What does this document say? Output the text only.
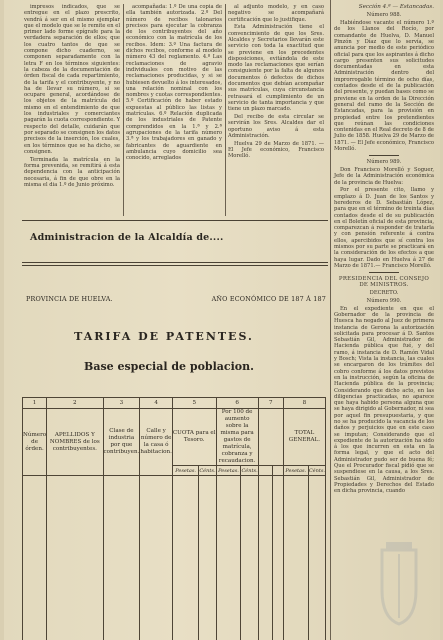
impresos indicados, que se entregue en el plazo prescrito, vendrá á ser en el mismo ejemplar que el modelo que se le remite en el primer lado forme epígrafe para la verdadera separación de ellos; que los cuatro tantos de que se compone dicho cuaderno, se componen separadamente con la letra F en los términos siguientes: la cabeza de la documentación de órden fiscal de cada repartimiento, de la tarifa y el contribuyente, y no ha de llevar su número, si se ocupare general, acordándose de los objetos de la matrícula del mismo en el entendimiento de que los industriales y comerciantes pagarán la cuota correspondiente. Y respecto del detalle, cuidarán que por separado se consignen los datos precisos de la inserción, los cuales, en los términos que se ha dicho, se consignen.

Terminada la matrícula en la forma prevenida, se remitirá á esta dependencia con la anticipación necesaria, á fin de que obre en la misma el dia 1.º de Junio próximo.

acompañada: 1.º De una copia de ella también autorizada. 2.º Del número de recibos talonarios precisos para ejecutar la cobranza de los contribuyentes del año económico con la matrícula de los recibos. Idem: 3.º Una factura de dichos recibos, conforme al modelo número 43 del reglamento. 4.º Las reclamaciones de agravio individuales con motivo de las reclamaciones producidas, y si se hubiesen devuelto á los interesados, una relación nominal con los nombres y cuotas correspondientes. 5.º Certificación de haber estado expuestas al público las listas y matrículas. 6.º Relación duplicada de los industriales de Patente comprendidos en la 1.ª y 2.ª agrupaciones de la tarifa número 3.ª y los trabajadores en ganado y fabricantes de aguardiente en ambulancia cuyo domicilio sea conocido, arreglados

al adjunto modelo, y en caso negativo se acompañará certificación que lo justifique.

Esta Administración tiene el convencimiento de que los Sres. Alcaldes y Secretarios llevarán este servicio con toda la exactitud que se previene en los precedentes disposiciones, evitándola de este modo las reclamaciones que serían consiguiente por la falta de algunos documentos ó defectos de dichos documentos que debían acompañar sus matrículas, cuya circunstancia retrasará el cumplimiento de un servicio de tanta importancia y que tiene un plazo marcado.

Del recibo de esta circular se servirán los Sres. Alcaldes dar el oportuno aviso á esta Administración.

Huelva 29 de Marzo de 1871. — El Jefe económico, Francisco Morelló.

Sección 4.ª — Estancadas.

Número 988.

Habiéndose vacante el número 1.º de los Llanos del Rocío, por comandante de Huelva, D. Manuel Pinzón y Díaz que lo servía, se anuncia por medio de este periódico oficial para que los aspirantes á dicho cargo presenten sus solicitudes documentadas en esta Administración dentro del improrrogable término de ocho días, contados desde el de la publicación del presente, y puedan bases como se previene en la orden de la Dirección general del ramo de la Sección de Estancadas, para la provisión en propiedad entre los pretendientes que reúnan las condiciones contenidas en el Real decreto de 8 de Julio de 1858. Huelva 29 de Marzo de 1871. — El Jefe económico, Francisco Morelló.

Número 989.

Don Francisco Morelló y Soguer, Jefe de la Administración económica de la provincia de Huelva:

Por el presente cito, llamo y emplazo á D. Juan de los Santos y herederos de D. Sebastián López, para que en el término de treinta días contados desde el de su publicación en el Boletín oficial de esta provincia, comparezcan á responder de tratarla y con pensión referente á contra ellos, apercibidos que sí contra los mismos por su parte se practicará en la consideración de los efectos a que haya lugar. Dado en Huelva á 27 de Marzo de 1871.— Francisco Morelló.

PRESIDENCIA DEL CONSEJO DE MINISTROS.

DECRETO.

Número 990.

En el expediente en que el Gobernador de la provincia de Huesca ha negado al Juez de primera instancia de Gerona la autorización solicitada para procesar á D. Santos Sebastián Gil, Administrador de Hacienda pública que fué, y del ramo, á instancia de D. Ramón Vidal y Bosch; Vista la instancia, las cuales se encargaron de los trámites del cobro conforme á los datos previstos en la instrucción, según la oficina de Hacienda pública de la provincia; Considerando que dicho acto, en las diligencias practicadas, no aparece que haya habido persona alguna que se haya dirigido al Gobernador, ni sea por aquel fin presupuestaria, y que no se ha producido la vacancia de los daños y perjuicios que en este caso se imputan; Considerando que el expediente de la autorización ha sido á los que incurren en esta en la forma legal, y que el acto del Administrador pudo ser de buena fé; Que el Procurador fiscal pidió que se suspendiese en la causa, a los Sres. Sebastián Gil, Administrador de Propiedades y Derechos del Estado en dicha provincia, cuando

Administracion de la Alcaldía de....
PROVINCIA DE HUELVA.	AÑO ECONÓMICO DE 187 Á 187
TARIFA DE PATENTES.
Base especial de poblacion.
1	2	3	4	5		6		7		8	
Número de órden.	APELLIDOS Y NOMBRES de los contribuyentes.	Clase de industria por que contribuyen.	Calle y número de la casa ó habitacion.	CUOTA para el Tesoro.		Por 100 de aumento sobre la misma para gastos de matrícula, cobranza y recaudacion.				TOTAL GENERAL.	
				Pesetas.	Cénts.	Pesetas.	Cénts.			Pesetas.	Cénts.
